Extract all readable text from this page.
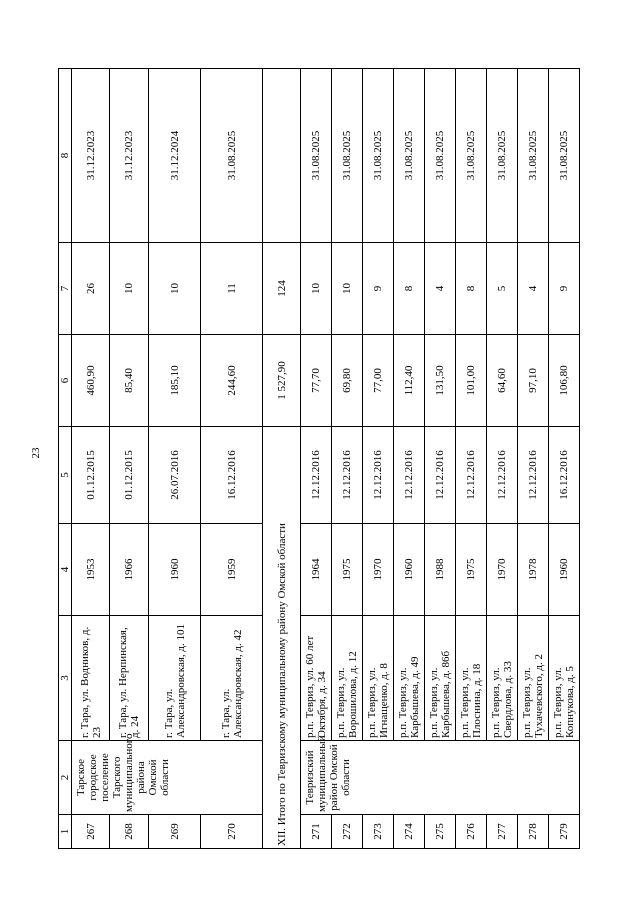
23
1	2	3	4	5	6	7	8
267	Тарское городское поселение Тарского муниципального района Омской области	г. Тара, ул. Водников, д. 23	1953	01.12.2015	460,90	26	31.12.2023
268		г. Тара, ул. Нерпинская, д. 24	1966	01.12.2015	85,40	10	31.12.2023
269		г. Тара, ул. Александровская, д. 101	1960	26.07.2016	185,10	10	31.12.2024
270		г. Тара, ул. Александровская, д. 42	1959	16.12.2016	244,60	11	31.08.2025
XII. Итого по Тевризскому муниципальному району Омской области					1 527,90	124	
271	Тевризский муниципальный район Омской области	р.п. Тевриз, ул. 60 лет Октября, д. 34	1964	12.12.2016	77,70	10	31.08.2025
272		р.п. Тевриз, ул. Ворошилова, д. 12	1975	12.12.2016	69,80	10	31.08.2025
273		р.п. Тевриз, ул. Игнащенко, д. 8	1970	12.12.2016	77,00	9	31.08.2025
274		р.п. Тевриз, ул. Карбышева, д. 49	1960	12.12.2016	112,40	8	31.08.2025
275		р.п. Тевриз, ул. Карбышева, д. 86б	1988	12.12.2016	131,50	4	31.08.2025
276		р.п. Тевриз, ул. Плоснина, д. 18	1975	12.12.2016	101,00	8	31.08.2025
277		р.п. Тевриз, ул. Свердлова, д. 33	1970	12.12.2016	64,60	5	31.08.2025
278		р.п. Тевриз, ул. Тухачевского, д. 2	1978	12.12.2016	97,10	4	31.08.2025
279		р.п. Тевриз, ул. Копнукова, д. 5	1960	16.12.2016	106,80	9	31.08.2025
